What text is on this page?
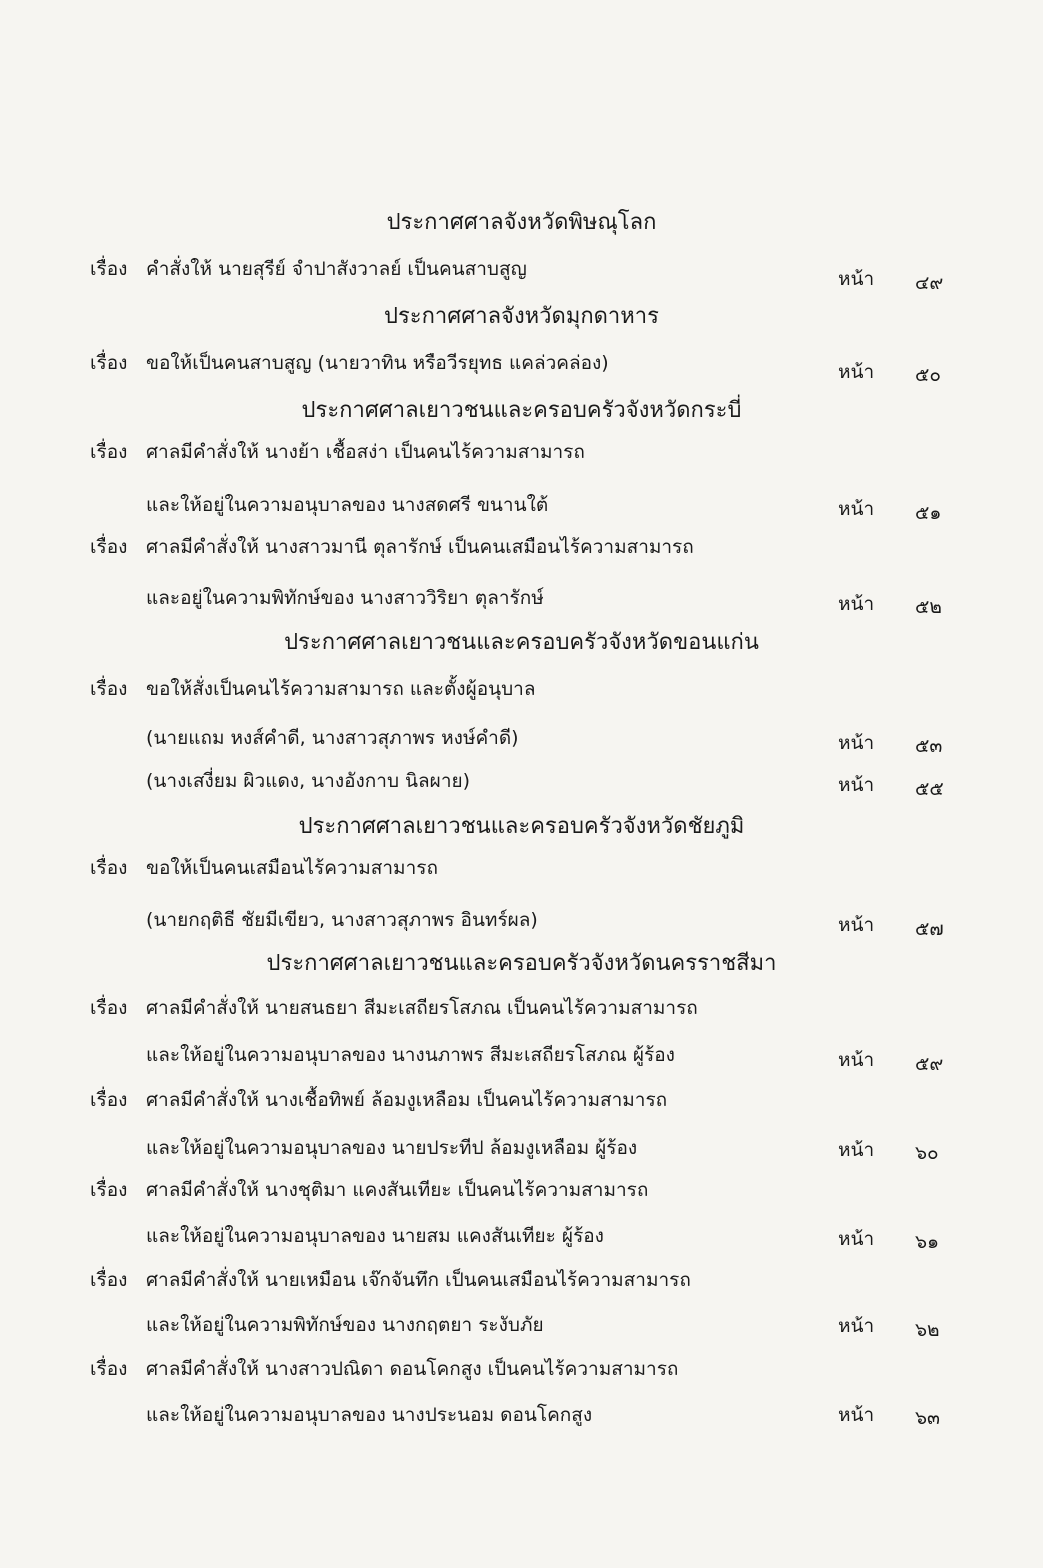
ประกาศศาลจังหวัดพิษณุโลก
เรื่อง คำสั่งให้ นายสุรีย์ จำปาสังวาลย์ เป็นคนสาบสูญ	หน้า ๔๙
ประกาศศาลจังหวัดมุกดาหาร
เรื่อง ขอให้เป็นคนสาบสูญ (นายวาทิน หรือวีรยุทธ แคล่วคล่อง)	หน้า ๕๐
ประกาศศาลเยาวชนและครอบครัวจังหวัดกระบี่
เรื่อง ศาลมีคำสั่งให้ นางย้า เชื้อสง่า เป็นคนไร้ความสามารถ
และให้อยู่ในความอนุบาลของ นางสดศรี ขนานใต้	หน้า ๕๑
เรื่อง ศาลมีคำสั่งให้ นางสาวมานี ตุลารักษ์ เป็นคนเสมือนไร้ความสามารถ
และอยู่ในความพิทักษ์ของ นางสาววิริยา ตุลารักษ์	หน้า ๕๒
ประกาศศาลเยาวชนและครอบครัวจังหวัดขอนแก่น
เรื่อง ขอให้สั่งเป็นคนไร้ความสามารถ และตั้งผู้อนุบาล
(นายแถม หงส์คำดี, นางสาวสุภาพร หงษ์คำดี)	หน้า ๕๓
(นางเสงี่ยม ผิวแดง, นางอังกาบ นิลผาย)	หน้า ๕๕
ประกาศศาลเยาวชนและครอบครัวจังหวัดชัยภูมิ
เรื่อง ขอให้เป็นคนเสมือนไร้ความสามารถ
(นายกฤติธี ชัยมีเขียว, นางสาวสุภาพร อินทร์ผล)	หน้า ๕๗
ประกาศศาลเยาวชนและครอบครัวจังหวัดนครราชสีมา
เรื่อง ศาลมีคำสั่งให้ นายสนธยา สีมะเสถียรโสภณ เป็นคนไร้ความสามารถ
และให้อยู่ในความอนุบาลของ นางนภาพร สีมะเสถียรโสภณ ผู้ร้อง	หน้า ๕๙
เรื่อง ศาลมีคำสั่งให้ นางเชื้อทิพย์ ล้อมงูเหลือม เป็นคนไร้ความสามารถ
และให้อยู่ในความอนุบาลของ นายประทีป ล้อมงูเหลือม ผู้ร้อง	หน้า ๖๐
เรื่อง ศาลมีคำสั่งให้ นางชุติมา แคงสันเทียะ เป็นคนไร้ความสามารถ
และให้อยู่ในความอนุบาลของ นายสม แคงสันเทียะ ผู้ร้อง	หน้า ๖๑
เรื่อง ศาลมีคำสั่งให้ นายเหมือน เจ๊กจันทึก เป็นคนเสมือนไร้ความสามารถ
และให้อยู่ในความพิทักษ์ของ นางกฤตยา ระงับภัย	หน้า ๖๒
เรื่อง ศาลมีคำสั่งให้ นางสาวปณิดา ดอนโคกสูง เป็นคนไร้ความสามารถ
และให้อยู่ในความอนุบาลของ นางประนอม ดอนโคกสูง	หน้า ๖๓
